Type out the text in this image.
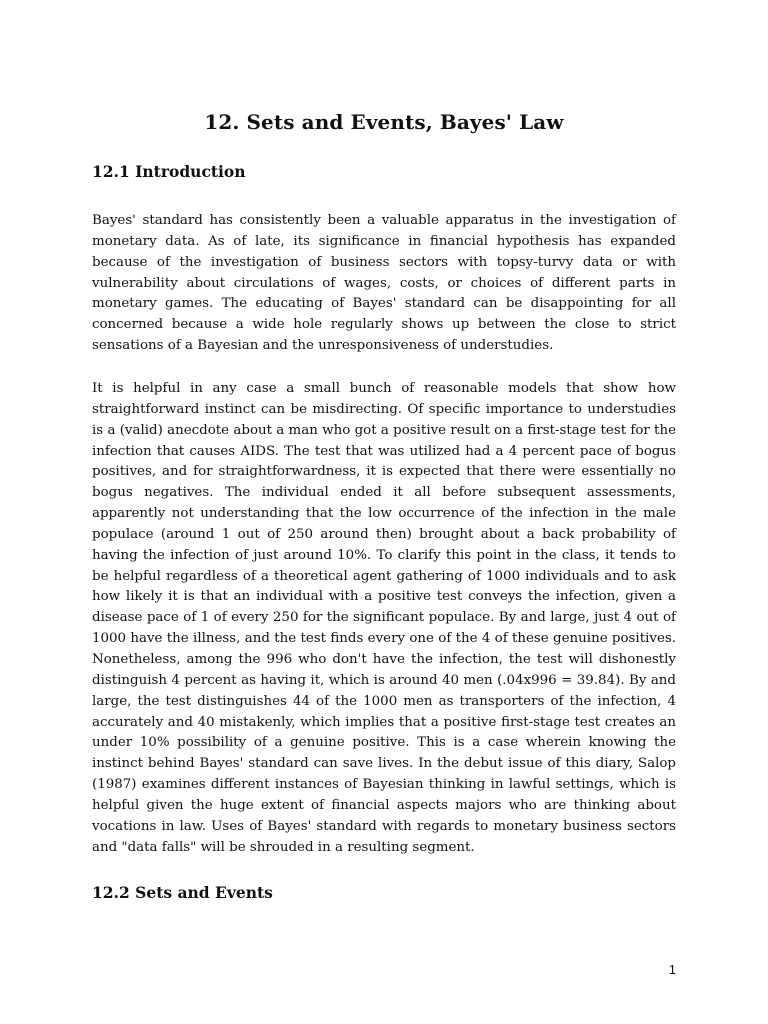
12. Sets and Events, Bayes' Law
12.1 Introduction

Bayes' standard has consistently been a valuable apparatus in the investigation of monetary data. As of late, its significance in financial hypothesis has expanded because of the investigation of business sectors with topsy-turvy data or with vulnerability about circulations of wages, costs, or choices of different parts in monetary games. The educating of Bayes' standard can be disappointing for all concerned because a wide hole regularly shows up between the close to strict sensations of a Bayesian and the unresponsiveness of understudies.

It is helpful in any case a small bunch of reasonable models that show how straightforward instinct can be misdirecting. Of specific importance to understudies is a (valid) anecdote about a man who got a positive result on a first-stage test for the infection that causes AIDS. The test that was utilized had a 4 percent pace of bogus positives, and for straightforwardness, it is expected that there were essentially no bogus negatives. The individual ended it all before subsequent assessments, apparently not understanding that the low occurrence of the infection in the male populace (around 1 out of 250 around then) brought about a back probability of having the infection of just around 10%. To clarify this point in the class, it tends to be helpful regardless of a theoretical agent gathering of 1000 individuals and to ask how likely it is that an individual with a positive test conveys the infection, given a disease pace of 1 of every 250 for the significant populace. By and large, just 4 out of 1000 have the illness, and the test finds every one of the 4 of these genuine positives. Nonetheless, among the 996 who don't have the infection, the test will dishonestly distinguish 4 percent as having it, which is around 40 men (.04x996 = 39.84). By and large, the test distinguishes 44 of the 1000 men as transporters of the infection, 4 accurately and 40 mistakenly, which implies that a positive first-stage test creates an under 10% possibility of a genuine positive. This is a case wherein knowing the instinct behind Bayes' standard can save lives. In the debut issue of this diary, Salop (1987) examines different instances of Bayesian thinking in lawful settings, which is helpful given the huge extent of financial aspects majors who are thinking about vocations in law. Uses of Bayes' standard with regards to monetary business sectors and "data falls" will be shrouded in a resulting segment.

12.2 Sets and Events
1
